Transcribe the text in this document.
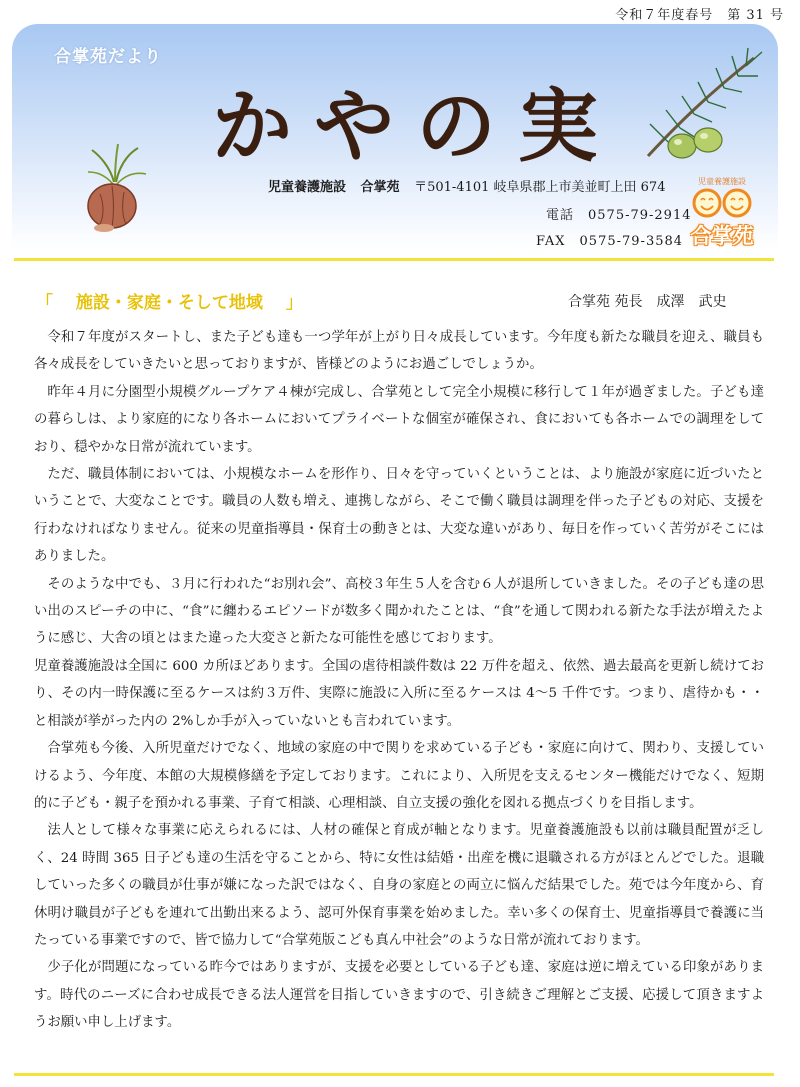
令和７年度春号　第 31 号
合掌苑だより
かやの実
児童養護施設 合掌苑 〒501-4101 岐阜県郡上市美並町上田 674
電話　0575-79-2914
FAX　0575-79-3584
児童養護施設
合掌苑
「　 施設・家庭・そして地域　 」	合掌苑 苑長　成澤　武史

令和７年度がスタートし、また子ども達も一つ学年が上がり日々成長しています。今年度も新たな職員を迎え、職員も各々成長をしていきたいと思っておりますが、皆様どのようにお過ごしでしょうか。

昨年４月に分園型小規模グループケア４棟が完成し、合掌苑として完全小規模に移行して１年が過ぎました。子ども達の暮らしは、より家庭的になり各ホームにおいてプライベートな個室が確保され、食においても各ホームでの調理をしており、穏やかな日常が流れています。

ただ、職員体制においては、小規模なホームを形作り、日々を守っていくということは、より施設が家庭に近づいたということで、大変なことです。職員の人数も増え、連携しながら、そこで働く職員は調理を伴った子どもの対応、支援を行わなければなりません。従来の児童指導員・保育士の動きとは、大変な違いがあり、毎日を作っていく苦労がそこにはありました。

そのような中でも、３月に行われた“お別れ会”、高校３年生５人を含む６人が退所していきました。その子ども達の思い出のスピーチの中に、“食”に纏わるエピソードが数多く聞かれたことは、“食”を通して関われる新たな手法が増えたように感じ、大舎の頃とはまた違った大変さと新たな可能性を感じております。

児童養護施設は全国に 600 カ所ほどあります。全国の虐待相談件数は 22 万件を超え、依然、過去最高を更新し続けており、その内一時保護に至るケースは約３万件、実際に施設に入所に至るケースは 4～5 千件です。つまり、虐待かも・・と相談が挙がった内の 2%しか手が入っていないとも言われています。

合掌苑も今後、入所児童だけでなく、地域の家庭の中で関りを求めている子ども・家庭に向けて、関わり、支援していけるよう、今年度、本館の大規模修繕を予定しております。これにより、入所児を支えるセンター機能だけでなく、短期的に子ども・親子を預かれる事業、子育て相談、心理相談、自立支援の強化を図れる拠点づくりを目指します。

法人として様々な事業に応えられるには、人材の確保と育成が軸となります。児童養護施設も以前は職員配置が乏しく、24 時間 365 日子ども達の生活を守ることから、特に女性は結婚・出産を機に退職される方がほとんどでした。退職していった多くの職員が仕事が嫌になった訳ではなく、自身の家庭との両立に悩んだ結果でした。苑では今年度から、育休明け職員が子どもを連れて出勤出来るよう、認可外保育事業を始めました。幸い多くの保育士、児童指導員で養護に当たっている事業ですので、皆で協力して“合掌苑版こども真ん中社会”のような日常が流れております。

少子化が問題になっている昨今ではありますが、支援を必要としている子ども達、家庭は逆に増えている印象があります。時代のニーズに合わせ成長できる法人運営を目指していきますので、引き続きご理解とご支援、応援して頂きますようお願い申し上げます。
